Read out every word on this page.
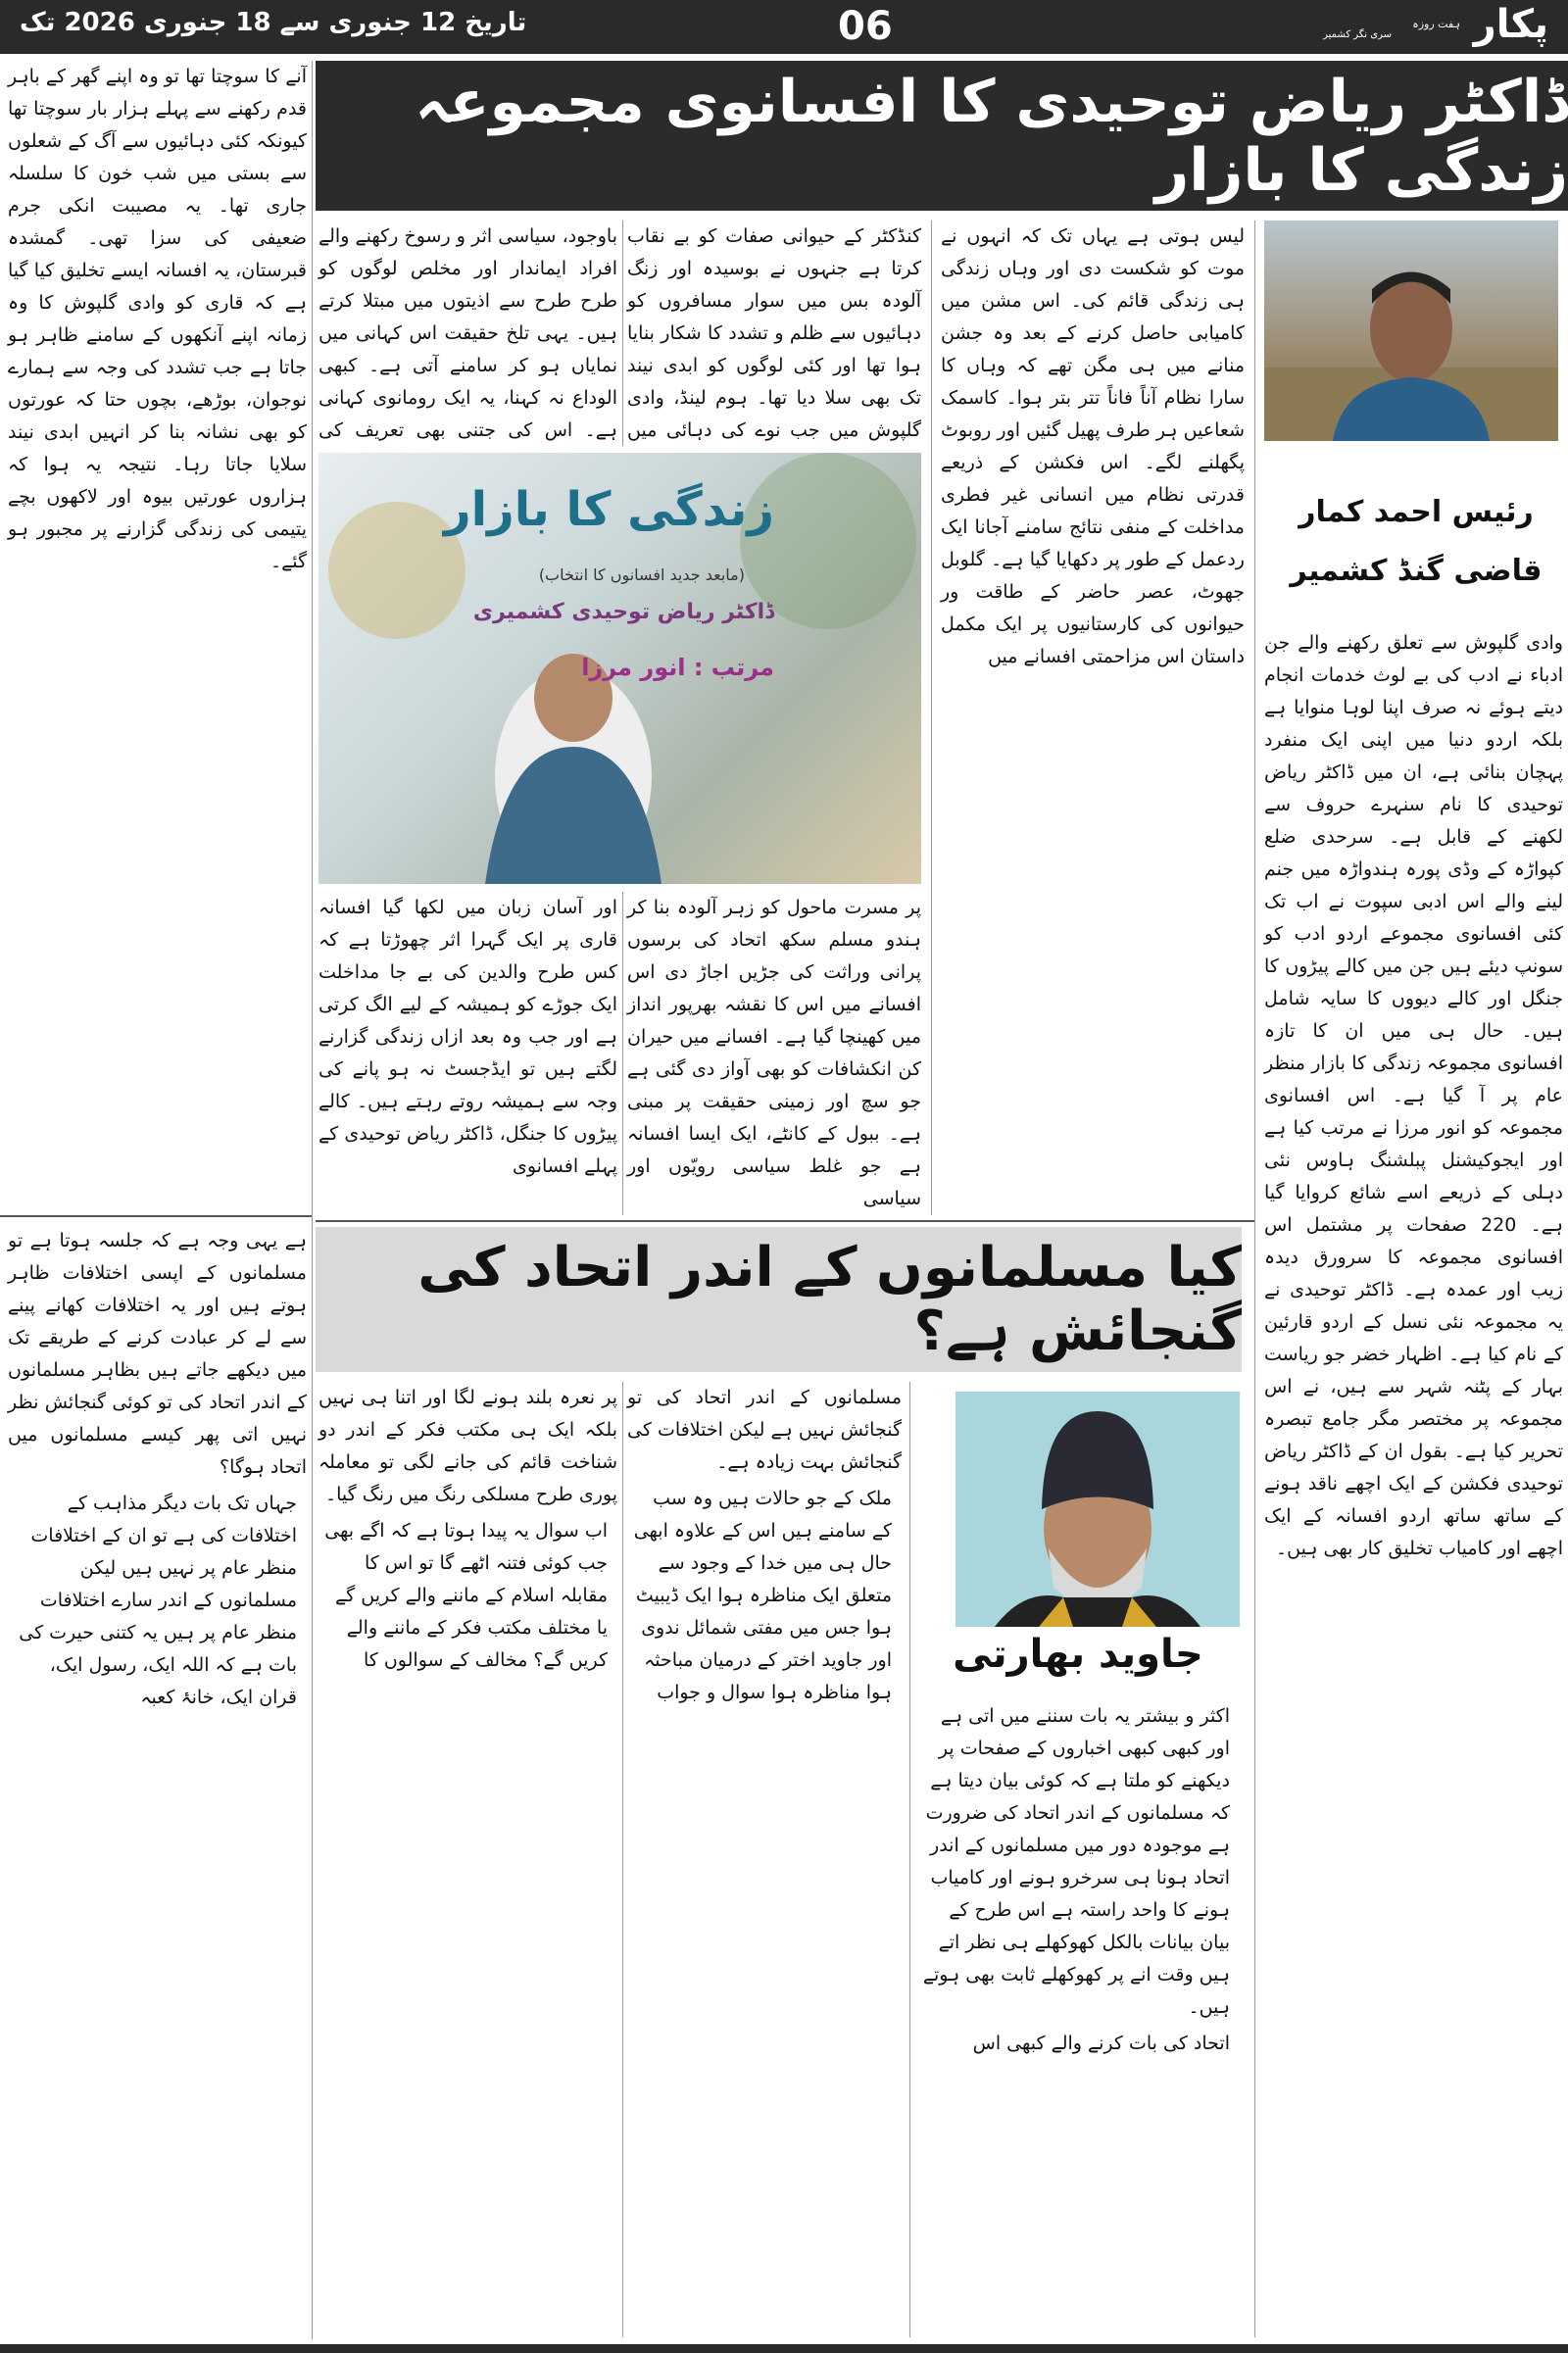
پکار
ہفت روزہ
سری نگر کشمیر
06
تاریخ 12 جنوری سے 18 جنوری 2026 تک
ڈاکٹر ریاض توحیدی کا افسانوی مجموعہ زندگی کا بازار
رئیس احمد کمار
قاضی گنڈ کشمیر

وادی گلپوش سے تعلق رکھنے والے جن ادباء نے ادب کی بے لوث خدمات انجام دیتے ہوئے نہ صرف اپنا لوہا منوایا ہے بلکہ اردو دنیا میں اپنی ایک منفرد پہچان بنائی ہے، ان میں ڈاکٹر ریاض توحیدی کا نام سنہرے حروف سے لکھنے کے قابل ہے۔ سرحدی ضلع کپواڑہ کے وڈی پورہ ہندواڑہ میں جنم لینے والے اس ادبی سپوت نے اب تک کئی افسانوی مجموعے اردو ادب کو سونپ دیئے ہیں جن میں کالے پیڑوں کا جنگل اور کالے دیووں کا سایہ شامل ہیں۔ حال ہی میں ان کا تازہ افسانوی مجموعہ زندگی کا بازار منظر عام پر آ گیا ہے۔ اس افسانوی مجموعہ کو انور مرزا نے مرتب کیا ہے اور ایجوکیشنل پبلشنگ ہاوس نئی دہلی کے ذریعے اسے شائع کروایا گیا ہے۔ 220 صفحات پر مشتمل اس افسانوی مجموعہ کا سرورق دیدہ زیب اور عمدہ ہے۔ ڈاکٹر توحیدی نے یہ مجموعہ نئی نسل کے اردو قارئین کے نام کیا ہے۔ اظہار خضر جو ریاست بہار کے پٹنہ شہر سے ہیں، نے اس مجموعہ پر مختصر مگر جامع تبصرہ تحریر کیا ہے۔ بقول ان کے ڈاکٹر ریاض توحیدی فکشن کے ایک اچھے ناقد ہونے کے ساتھ ساتھ اردو افسانہ کے ایک اچھے اور کامیاب تخلیق کار بھی ہیں۔

لیس ہوتی ہے یہاں تک کہ انہوں نے موت کو شکست دی اور وہاں زندگی ہی زندگی قائم کی۔ اس مشن میں کامیابی حاصل کرنے کے بعد وہ جشن منانے میں ہی مگن تھے کہ وہاں کا سارا نظام آناً فاناً تتر بتر ہوا۔ کاسمک شعاعیں ہر طرف پھیل گئیں اور روبوٹ پگھلنے لگے۔ اس فکشن کے ذریعے قدرتی نظام میں انسانی غیر فطری مداخلت کے منفی نتائج سامنے آجانا ایک ردعمل کے طور پر دکھایا گیا ہے۔ گلوبل جھوٹ، عصر حاضر کے طاقت ور حیوانوں کی کارستانیوں پر ایک مکمل داستان اس مزاحمتی افسانے میں

کنڈکٹر کے حیوانی صفات کو بے نقاب کرتا ہے جنہوں نے بوسیدہ اور زنگ آلودہ بس میں سوار مسافروں کو دہائیوں سے ظلم و تشدد کا شکار بنایا ہوا تھا اور کئی لوگوں کو ابدی نیند تک بھی سلا دیا تھا۔ ہوم لینڈ، وادی گلپوش میں جب نوے کی دہائی میں

باوجود، سیاسی اثر و رسوخ رکھنے والے افراد ایماندار اور مخلص لوگوں کو طرح طرح سے اذیتوں میں مبتلا کرتے ہیں۔ یہی تلخ حقیقت اس کہانی میں نمایاں ہو کر سامنے آتی ہے۔ کبھی الوداع نہ کہنا، یہ ایک رومانوی کہانی ہے۔ اس کی جتنی بھی تعریف کی

زندگی کا بازار
(مابعد جدید افسانوں کا انتخاب)
ڈاکٹر ریاض توحیدی کشمیری
مرتب : انور مرزا

پر مسرت ماحول کو زہر آلودہ بنا کر ہندو مسلم سکھ اتحاد کی برسوں پرانی وراثت کی جڑیں اجاڑ دی اس افسانے میں اس کا نقشہ بھرپور انداز میں کھینچا گیا ہے۔ افسانے میں حیران کن انکشافات کو بھی آواز دی گئی ہے جو سچ اور زمینی حقیقت پر مبنی ہے۔ ببول کے کانٹے، ایک ایسا افسانہ ہے جو غلط سیاسی رویّوں اور سیاسی

اور آسان زبان میں لکھا گیا افسانہ قاری پر ایک گہرا اثر چھوڑتا ہے کہ کس طرح والدین کی بے جا مداخلت ایک جوڑے کو ہمیشہ کے لیے الگ کرتی ہے اور جب وہ بعد ازاں زندگی گزارنے لگتے ہیں تو ایڈجسٹ نہ ہو پانے کی وجہ سے ہمیشہ روتے رہتے ہیں۔ کالے پیڑوں کا جنگل، ڈاکٹر ریاض توحیدی کے پہلے افسانوی

آنے کا سوچتا تھا تو وہ اپنے گھر کے باہر قدم رکھنے سے پہلے ہزار بار سوچتا تھا کیونکہ کئی دہائیوں سے آگ کے شعلوں سے بستی میں شب خون کا سلسلہ جاری تھا۔ یہ مصیبت انکی جرم ضعیفی کی سزا تھی۔ گمشدہ قبرستان، یہ افسانہ ایسے تخلیق کیا گیا ہے کہ قاری کو وادی گلپوش کا وہ زمانہ اپنے آنکھوں کے سامنے ظاہر ہو جاتا ہے جب تشدد کی وجہ سے ہمارے نوجوان، بوڑھے، بچوں حتا کہ عورتوں کو بھی نشانہ بنا کر انہیں ابدی نیند سلایا جاتا رہا۔ نتیجہ یہ ہوا کہ ہزاروں عورتیں بیوہ اور لاکھوں بچے یتیمی کی زندگی گزارنے پر مجبور ہو گئے۔

کیا مسلمانوں کے اندر اتحاد کی گنجائش ہے؟
جاوید بھارتی

اکثر و بیشتر یہ بات سننے میں اتی ہے اور کبھی کبھی اخباروں کے صفحات پر دیکھنے کو ملتا ہے کہ کوئی بیان دیتا ہے کہ مسلمانوں کے اندر اتحاد کی ضرورت ہے موجودہ دور میں مسلمانوں کے اندر اتحاد ہونا ہی سرخرو ہونے اور کامیاب ہونے کا واحد راستہ ہے اس طرح کے بیان بیانات بالکل کھوکھلے ہی نظر اتے ہیں وقت انے پر کھوکھلے ثابت بھی ہوتے ہیں۔

اتحاد کی بات کرنے والے کبھی اس

مسلمانوں کے اندر اتحاد کی تو گنجائش نہیں ہے لیکن اختلافات کی گنجائش بہت زیادہ ہے۔

ملک کے جو حالات ہیں وہ سب کے سامنے ہیں اس کے علاوہ ابھی حال ہی میں خدا کے وجود سے متعلق ایک مناظرہ ہوا ایک ڈیبیٹ ہوا جس میں مفتی شمائل ندوی اور جاوید اختر کے درمیان مباحثہ ہوا مناظرہ ہوا سوال و جواب

پر نعرہ بلند ہونے لگا اور اتنا ہی نہیں بلکہ ایک ہی مکتب فکر کے اندر دو شناخت قائم کی جانے لگی تو معاملہ پوری طرح مسلکی رنگ میں رنگ گیا۔

اب سوال یہ پیدا ہوتا ہے کہ اگے بھی جب کوئی فتنہ اٹھے گا تو اس کا مقابلہ اسلام کے ماننے والے کریں گے یا مختلف مکتب فکر کے ماننے والے کریں گے؟ مخالف کے سوالوں کا

ہے یہی وجہ ہے کہ جلسہ ہوتا ہے تو مسلمانوں کے اپسی اختلافات ظاہر ہوتے ہیں اور یہ اختلافات کھانے پینے سے لے کر عبادت کرنے کے طریقے تک میں دیکھے جاتے ہیں بظاہر مسلمانوں کے اندر اتحاد کی تو کوئی گنجائش نظر نہیں اتی پھر کیسے مسلمانوں میں اتحاد ہوگا؟

جہاں تک بات دیگر مذاہب کے اختلافات کی ہے تو ان کے اختلافات منظر عام پر نہیں ہیں لیکن مسلمانوں کے اندر سارے اختلافات منظر عام پر ہیں یہ کتنی حیرت کی بات ہے کہ اللہ ایک، رسول ایک، قران ایک، خانۂ کعبہ
